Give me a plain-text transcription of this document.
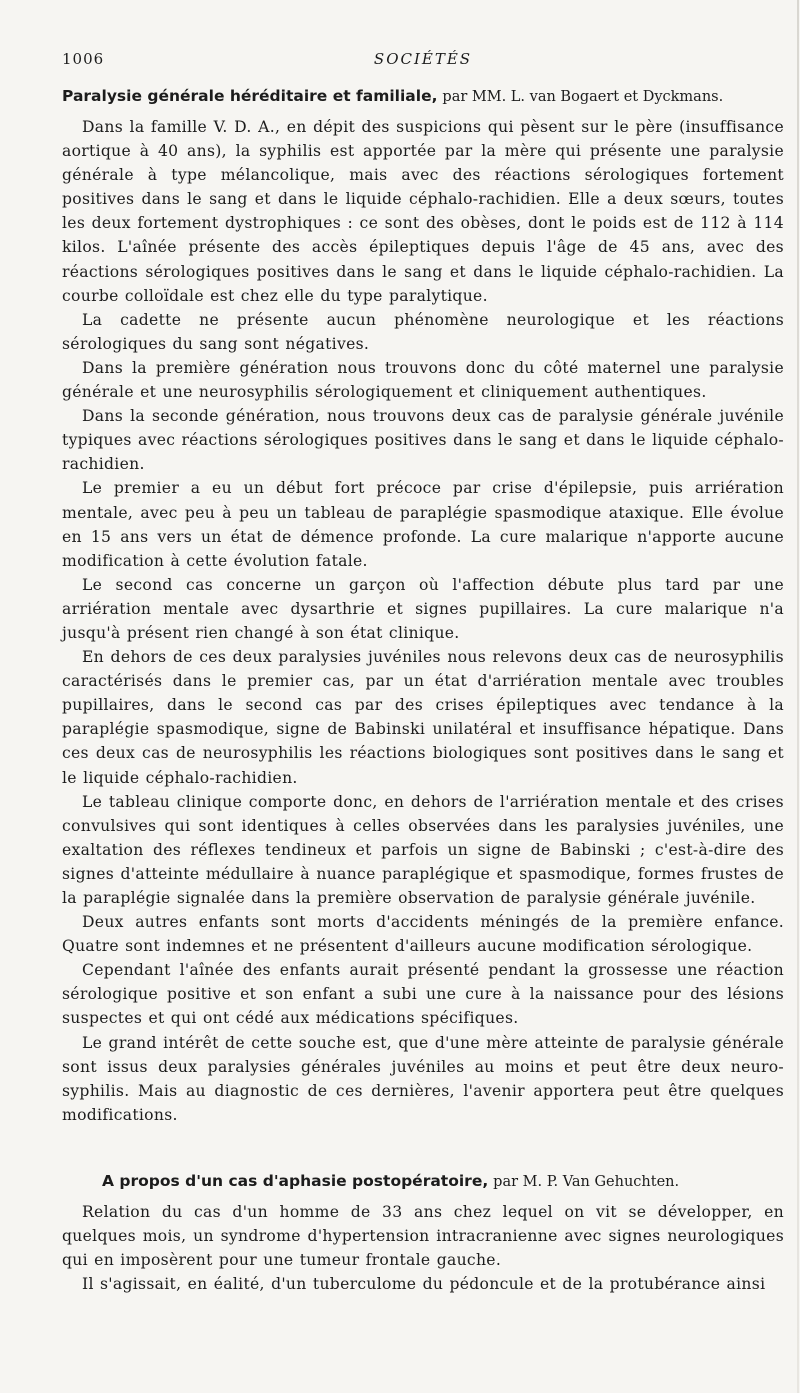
1006	SOCIÉTÉS
Paralysie générale héréditaire et familiale, par MM. L. van Bogaert et Dyckmans.

Dans la famille V. D. A., en dépit des suspicions qui pèsent sur le père (insuffisance aortique à 40 ans), la syphilis est apportée par la mère qui présente une paralysie générale à type mélancolique, mais avec des réactions sérologiques fortement positives dans le sang et dans le liquide céphalo-rachidien. Elle a deux sœurs, toutes les deux fortement dystrophiques : ce sont des obèses, dont le poids est de 112 à 114 kilos. L'aînée présente des accès épileptiques depuis l'âge de 45 ans, avec des réactions sérologiques positives dans le sang et dans le liquide céphalo-rachidien. La courbe colloïdale est chez elle du type paralytique.

La cadette ne présente aucun phénomène neurologique et les réactions sérologiques du sang sont négatives.

Dans la première génération nous trouvons donc du côté maternel une paralysie générale et une neurosyphilis sérologiquement et cliniquement authentiques.

Dans la seconde génération, nous trouvons deux cas de paralysie générale juvénile typiques avec réactions sérologiques positives dans le sang et dans le liquide céphalo-rachidien.

Le premier a eu un début fort précoce par crise d'épilepsie, puis arriération mentale, avec peu à peu un tableau de paraplégie spasmodique ataxique. Elle évolue en 15 ans vers un état de démence profonde. La cure malarique n'apporte aucune modification à cette évolution fatale.

Le second cas concerne un garçon où l'affection débute plus tard par une arriération mentale avec dysarthrie et signes pupillaires. La cure malarique n'a jusqu'à présent rien changé à son état clinique.

En dehors de ces deux paralysies juvéniles nous relevons deux cas de neurosyphilis caractérisés dans le premier cas, par un état d'arriération mentale avec troubles pupillaires, dans le second cas par des crises épileptiques avec tendance à la paraplégie spasmodique, signe de Babinski unilatéral et insuffisance hépatique. Dans ces deux cas de neurosyphilis les réactions biologiques sont positives dans le sang et le liquide céphalo-rachidien.

Le tableau clinique comporte donc, en dehors de l'arriération mentale et des crises convulsives qui sont identiques à celles observées dans les paralysies juvéniles, une exaltation des réflexes tendineux et parfois un signe de Babinski ; c'est-à-dire des signes d'atteinte médullaire à nuance paraplégique et spasmodique, formes frustes de la paraplégie signalée dans la première observation de paralysie générale juvénile.

Deux autres enfants sont morts d'accidents méningés de la première enfance. Quatre sont indemnes et ne présentent d'ailleurs aucune modification sérologique.

Cependant l'aînée des enfants aurait présenté pendant la grossesse une réaction sérologique positive et son enfant a subi une cure à la naissance pour des lésions suspectes et qui ont cédé aux médications spécifiques.

Le grand intérêt de cette souche est, que d'une mère atteinte de paralysie générale sont issus deux paralysies générales juvéniles au moins et peut être deux neuro-syphilis. Mais au diagnostic de ces dernières, l'avenir apportera peut être quelques modifications.

A propos d'un cas d'aphasie postopératoire, par M. P. Van Gehuchten.

Relation du cas d'un homme de 33 ans chez lequel on vit se développer, en quelques mois, un syndrome d'hypertension intracranienne avec signes neurologiques qui en imposèrent pour une tumeur frontale gauche.

Il s'agissait, en éalité, d'un tuberculome du pédoncule et de la protubérance ainsi
